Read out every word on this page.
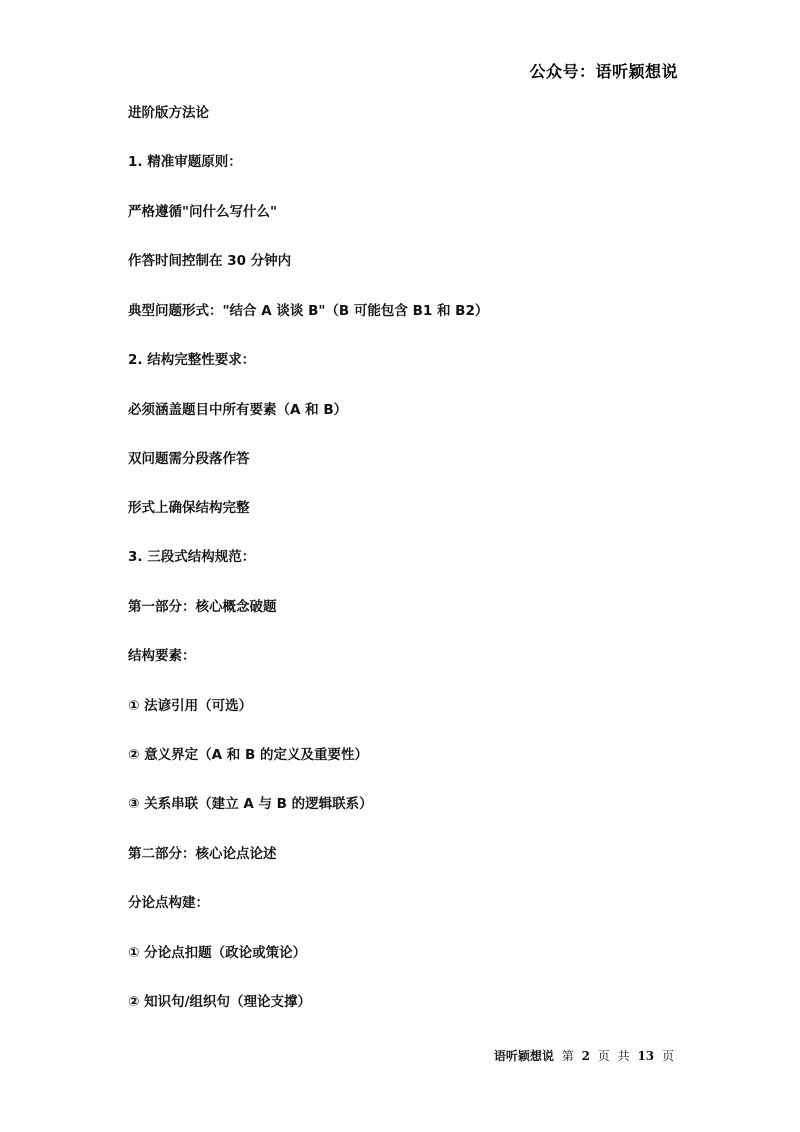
公众号：语听颖想说
进阶版方法论
1. 精准审题原则：
严格遵循"问什么写什么"
作答时间控制在 30 分钟内
典型问题形式："结合 A 谈谈 B"（B 可能包含 B1 和 B2）
2. 结构完整性要求：
必须涵盖题目中所有要素（A 和 B）
双问题需分段落作答
形式上确保结构完整
3. 三段式结构规范：
第一部分：核心概念破题
结构要素：
① 法谚引用（可选）
② 意义界定（A 和 B 的定义及重要性）
③ 关系串联（建立 A 与 B 的逻辑联系）
第二部分：核心论点论述
分论点构建：
① 分论点扣题（政论或策论）
② 知识句/组织句（理论支撑）
语听颖想说 第 2 页 共 13 页
